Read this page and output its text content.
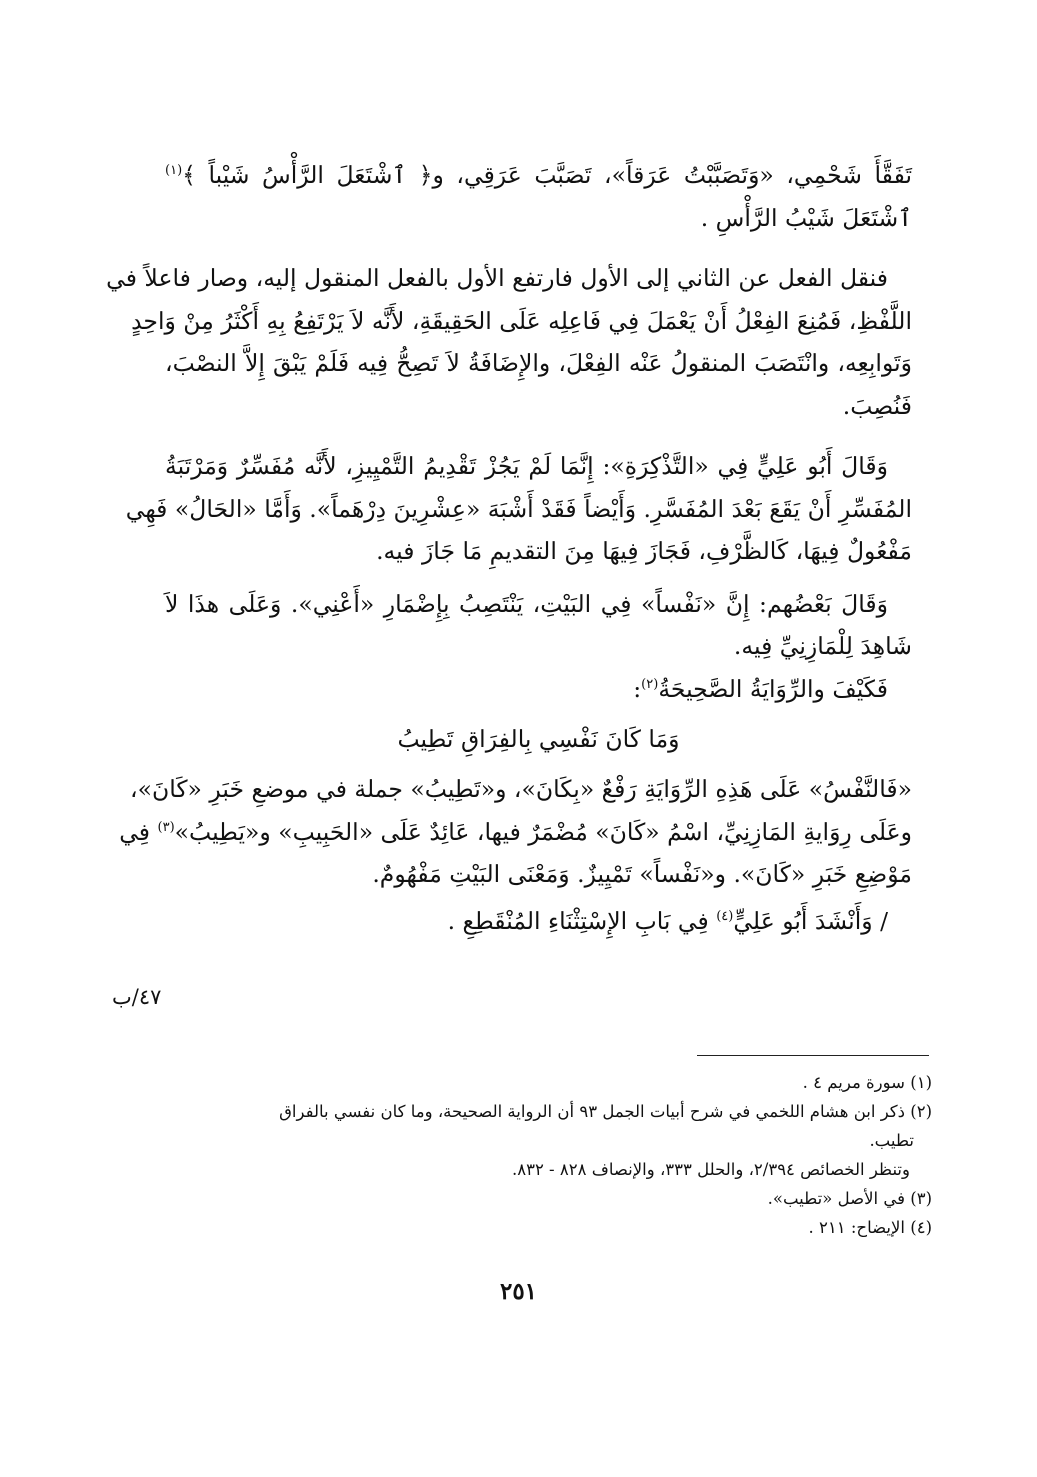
تَفَقَّأَ شَحْمِي، «وَتَصَبَّبْتُ عَرَقاً»، تَصَبَّبَ عَرَقِي، و﴿ ٱشْتَعَلَ الرَّأْسُ شَيْباً ﴾$^{(١)}$
ٱشْتَعَلَ شَيْبُ الرَّأْسِ .
فنقل الفعل عن الثاني إلى الأول فارتفع الأول بالفعل المنقول إليه، وصار فاعلاً في
اللَّفْظِ، فَمُنِعَ الفِعْلُ أَنْ يَعْمَلَ فِي فَاعِلِه عَلَى الحَقِيقَةِ، لأَنَّه لاَ يَرْتَفِعُ بِهِ أَكْثَرُ مِنْ وَاحِدٍ
وَتَوابِعِه، وانْتَصَبَ المنقولُ عَنْه الفِعْلَ، والإِضَافَةُ لاَ تَصِحُّ فِيه فَلَمْ يَبْقَ إِلاَّ النصْبَ،
فَنُصِبَ.
وَقَالَ أَبُو عَلِيٍّ فِي «التَّذْكِرَةِ»: إِنَّمَا لَمْ يَجُزْ تَقْدِيمُ التَّمْيِيزِ، لأَنَّه مُفَسِّرٌ وَمَرْتَبَةُ
المُفَسِّرِ أَنْ يَقَعَ بَعْدَ المُفَسَّرِ. وَأَيْضاً فَقَدْ أَشْبَهَ «عِشْرِينَ دِرْهَماً». وَأَمَّا «الحَالُ» فَهِي
مَفْعُولٌ فِيهَا، كَالظَّرْفِ، فَجَازَ فِيهَا مِنَ التقديمِ مَا جَازَ فيه.
وَقَالَ بَعْضُهم: إِنَّ «نَفْساً» فِي البَيْتِ، يَنْتَصِبُ بِإِضْمَارِ «أَعْنِي». وَعَلَى هذَا لاَ
شَاهِدَ لِلْمَازِنِيِّ فِيه.
فَكَيْفَ والرِّوَايَةُ الصَّحِيحَةُ$^{(٢)}$:
وَمَا كَانَ نَفْسِي بِالفِرَاقِ تَطِيبُ
«فَالنَّفْسُ» عَلَى هَذِهِ الرِّوَايَةِ رَفْعٌ «بِكَانَ»، و«تَطِيبُ» جملة في موضعِ خَبَرِ «كَانَ»،
وعَلَى رِوَايةِ المَازِنِيِّ، اسْمُ «كَانَ» مُضْمَرٌ فيها، عَائِدٌ عَلَى «الحَبِيبِ» و«يَطِيبُ»$^{(٣)}$ فِي
مَوْضِعِ خَبَرِ «كَانَ». و«نَفْساً» تَمْيِيزٌ. وَمَعْنَى البَيْتِ مَفْهُومٌ.
/ وَأَنْشَدَ أَبُو عَلِيٍّ$^{(٤)}$ فِي بَابِ الإِسْتِثْنَاءِ المُنْقَطِعِ .
٤٧/ب
(١) سورة مريم ٤ .
(٢) ذكر ابن هشام اللخمي في شرح أبيات الجمل ٩٣ أن الرواية الصحيحة، وما كان نفسي بالفراق
تطيب.
وتنظر الخصائص ٢/٣٩٤، والحلل ٣٣٣، والإنصاف ٨٢٨ - ٨٣٢.
(٣) في الأصل «تطيب».
(٤) الإيضاح: ٢١١ .
٢٥١
